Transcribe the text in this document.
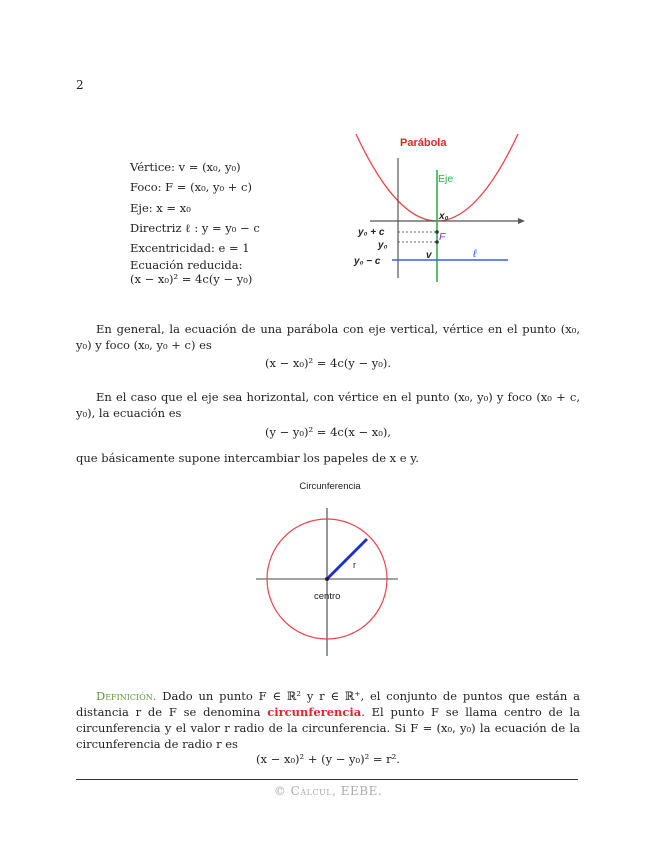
2
Vértice: v = (x₀, y₀)
Foco: F = (x₀, y₀ + c)
Eje: x = x₀
Directriz ℓ : y = y₀ − c
Excentricidad: e = 1
Ecuación reducida:
(x − x₀)² = 4c(y − y₀)
Parábola
Eje
x₀
y₀ + c
y₀
y₀ − c
F
v	ℓ
En general, la ecuación de una parábola con eje vertical, vértice en el punto (x₀, y₀) y foco (x₀, y₀ + c) es
(x − x₀)² = 4c(y − y₀).
En el caso que el eje sea horizontal, con vértice en el punto (x₀, y₀) y foco (x₀ + c, y₀), la ecuación es
(y − y₀)² = 4c(x − x₀),
que básicamente supone intercambiar los papeles de x e y.
Circunferencia
r
centro
Definición. Dado un punto F ∈ ℝ² y r ∈ ℝ⁺, el conjunto de puntos que están a distancia r de F se denomina circunferencia. El punto F se llama centro de la circunferencia y el valor r radio de la circunferencia. Si F = (x₀, y₀) la ecuación de la circunferencia de radio r es
(x − x₀)² + (y − y₀)² = r².
© Càlcul, EEBE.
